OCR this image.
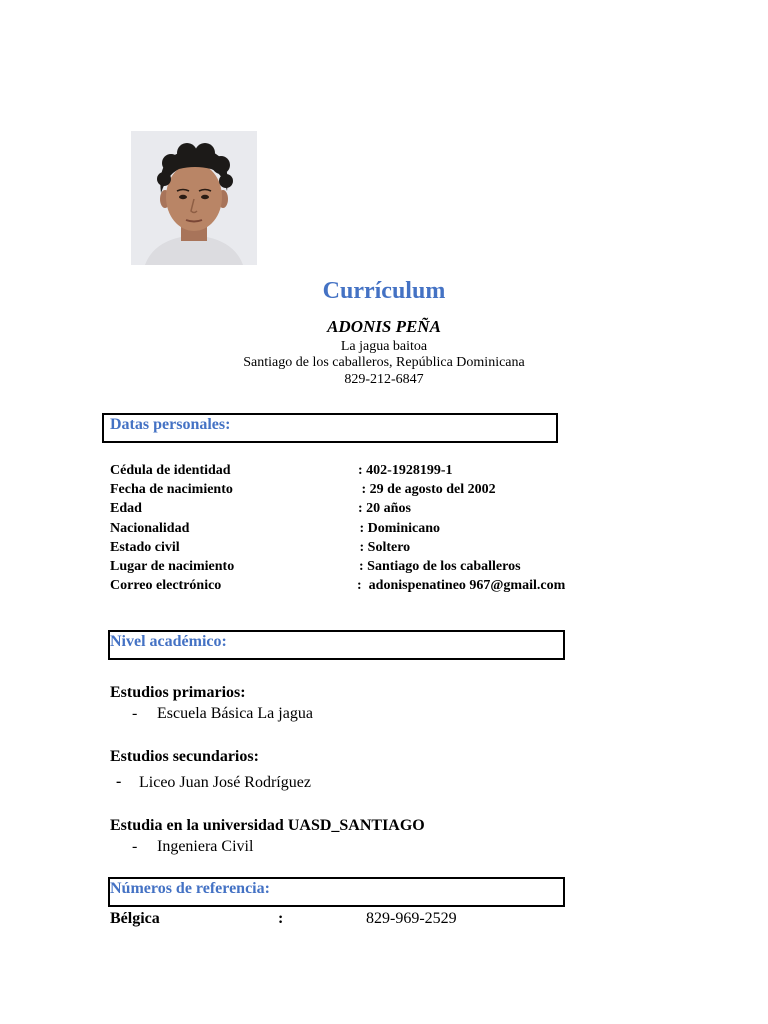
Currículum
ADONIS PEÑA
La jagua baitoa
Santiago de los caballeros, República Dominicana
829-212-6847
Datas personales:
Cédula de identidad	: 402-1928199-1
Fecha de nacimiento	: 29 de agosto del 2002
Edad	: 20 años
Nacionalidad	: Dominicano
Estado civil	: Soltero
Lugar de nacimiento	: Santiago de los caballeros
Correo electrónico	:  adonispenatineo 967@gmail.com
Nivel académico:
Estudios primarios:
- Escuela Básica La jagua
Estudios secundarios:
- Liceo Juan José Rodríguez
Estudia en la universidad UASD_SANTIAGO
- Ingeniera Civil
Números de referencia:
Bélgica	:	829-969-2529
